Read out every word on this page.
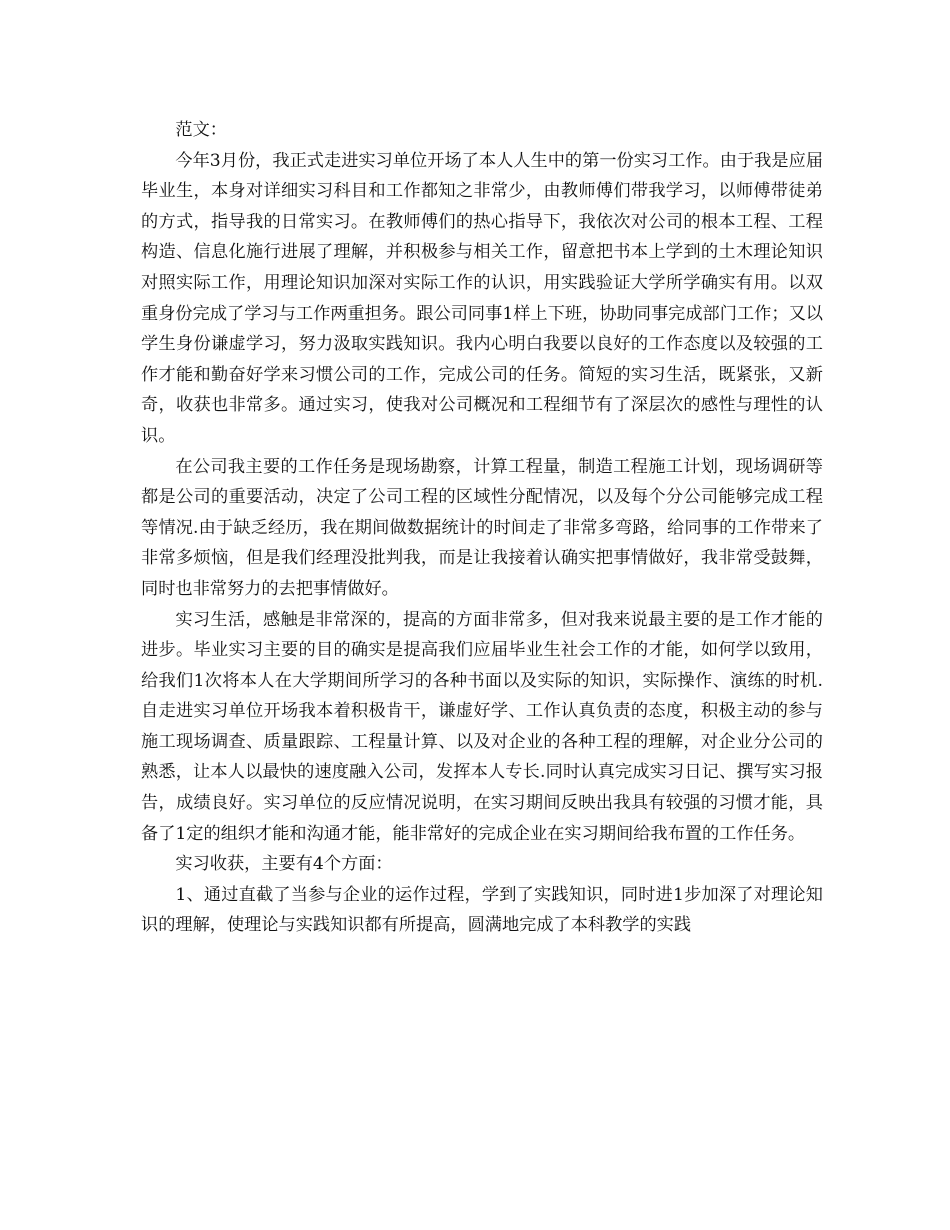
范文：

今年3月份，我正式走进实习单位开场了本人人生中的第一份实习工作。由于我是应届毕业生，本身对详细实习科目和工作都知之非常少，由教师傅们带我学习，以师傅带徒弟的方式，指导我的日常实习。在教师傅们的热心指导下，我依次对公司的根本工程、工程构造、信息化施行进展了理解，并积极参与相关工作，留意把书本上学到的土木理论知识对照实际工作，用理论知识加深对实际工作的认识，用实践验证大学所学确实有用。以双重身份完成了学习与工作两重担务。跟公司同事1样上下班，协助同事完成部门工作；又以学生身份谦虚学习，努力汲取实践知识。我内心明白我要以良好的工作态度以及较强的工作才能和勤奋好学来习惯公司的工作，完成公司的任务。简短的实习生活，既紧张，又新奇，收获也非常多。通过实习，使我对公司概况和工程细节有了深层次的感性与理性的认识。

在公司我主要的工作任务是现场勘察，计算工程量，制造工程施工计划，现场调研等都是公司的重要活动，决定了公司工程的区域性分配情况，以及每个分公司能够完成工程等情况.由于缺乏经历，我在期间做数据统计的时间走了非常多弯路，给同事的工作带来了非常多烦恼，但是我们经理没批判我，而是让我接着认确实把事情做好，我非常受鼓舞，同时也非常努力的去把事情做好。

实习生活，感触是非常深的，提高的方面非常多，但对我来说最主要的是工作才能的进步。毕业实习主要的目的确实是提高我们应届毕业生社会工作的才能，如何学以致用，给我们1次将本人在大学期间所学习的各种书面以及实际的知识，实际操作、演练的时机.自走进实习单位开场我本着积极肯干，谦虚好学、工作认真负责的态度，积极主动的参与施工现场调查、质量跟踪、工程量计算、以及对企业的各种工程的理解，对企业分公司的熟悉，让本人以最快的速度融入公司，发挥本人专长.同时认真完成实习日记、撰写实习报告，成绩良好。实习单位的反应情况说明，在实习期间反映出我具有较强的习惯才能，具备了1定的组织才能和沟通才能，能非常好的完成企业在实习期间给我布置的工作任务。

实习收获，主要有4个方面：

1、通过直截了当参与企业的运作过程，学到了实践知识，同时进1步加深了对理论知识的理解，使理论与实践知识都有所提高，圆满地完成了本科教学的实践
